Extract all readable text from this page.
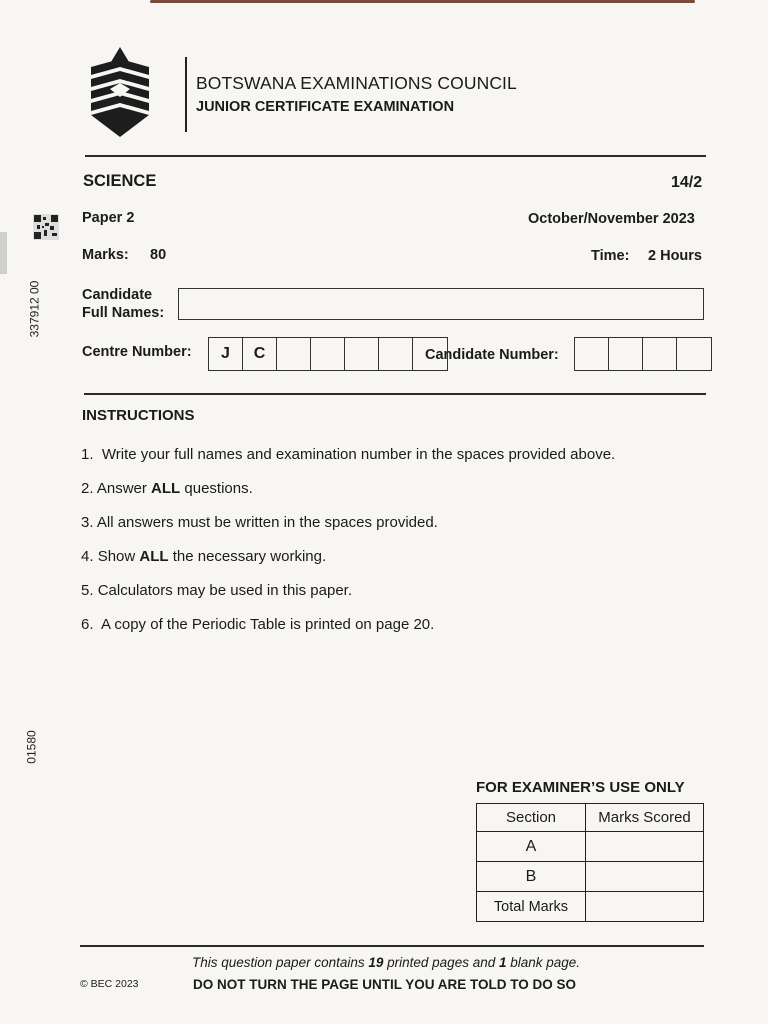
BOTSWANA EXAMINATIONS COUNCIL
JUNIOR CERTIFICATE EXAMINATION
SCIENCE	14/2
Paper 2	October/November 2023
Marks: 80	Time: 2 Hours
337912 00
01580
Candidate
Full Names:
Centre Number:	J	C	Candidate Number:
INSTRUCTIONS
1. Write your full names and examination number in the spaces provided above.
2. Answer ALL questions.
3. All answers must be written in the spaces provided.
4. Show ALL the necessary working.
5. Calculators may be used in this paper.
6. A copy of the Periodic Table is printed on page 20.
FOR EXAMINER’S USE ONLY
Section	Marks Scored
A	
B	
Total Marks	
This question paper contains 19 printed pages and 1 blank page.
© BEC 2023	DO NOT TURN THE PAGE UNTIL YOU ARE TOLD TO DO SO
